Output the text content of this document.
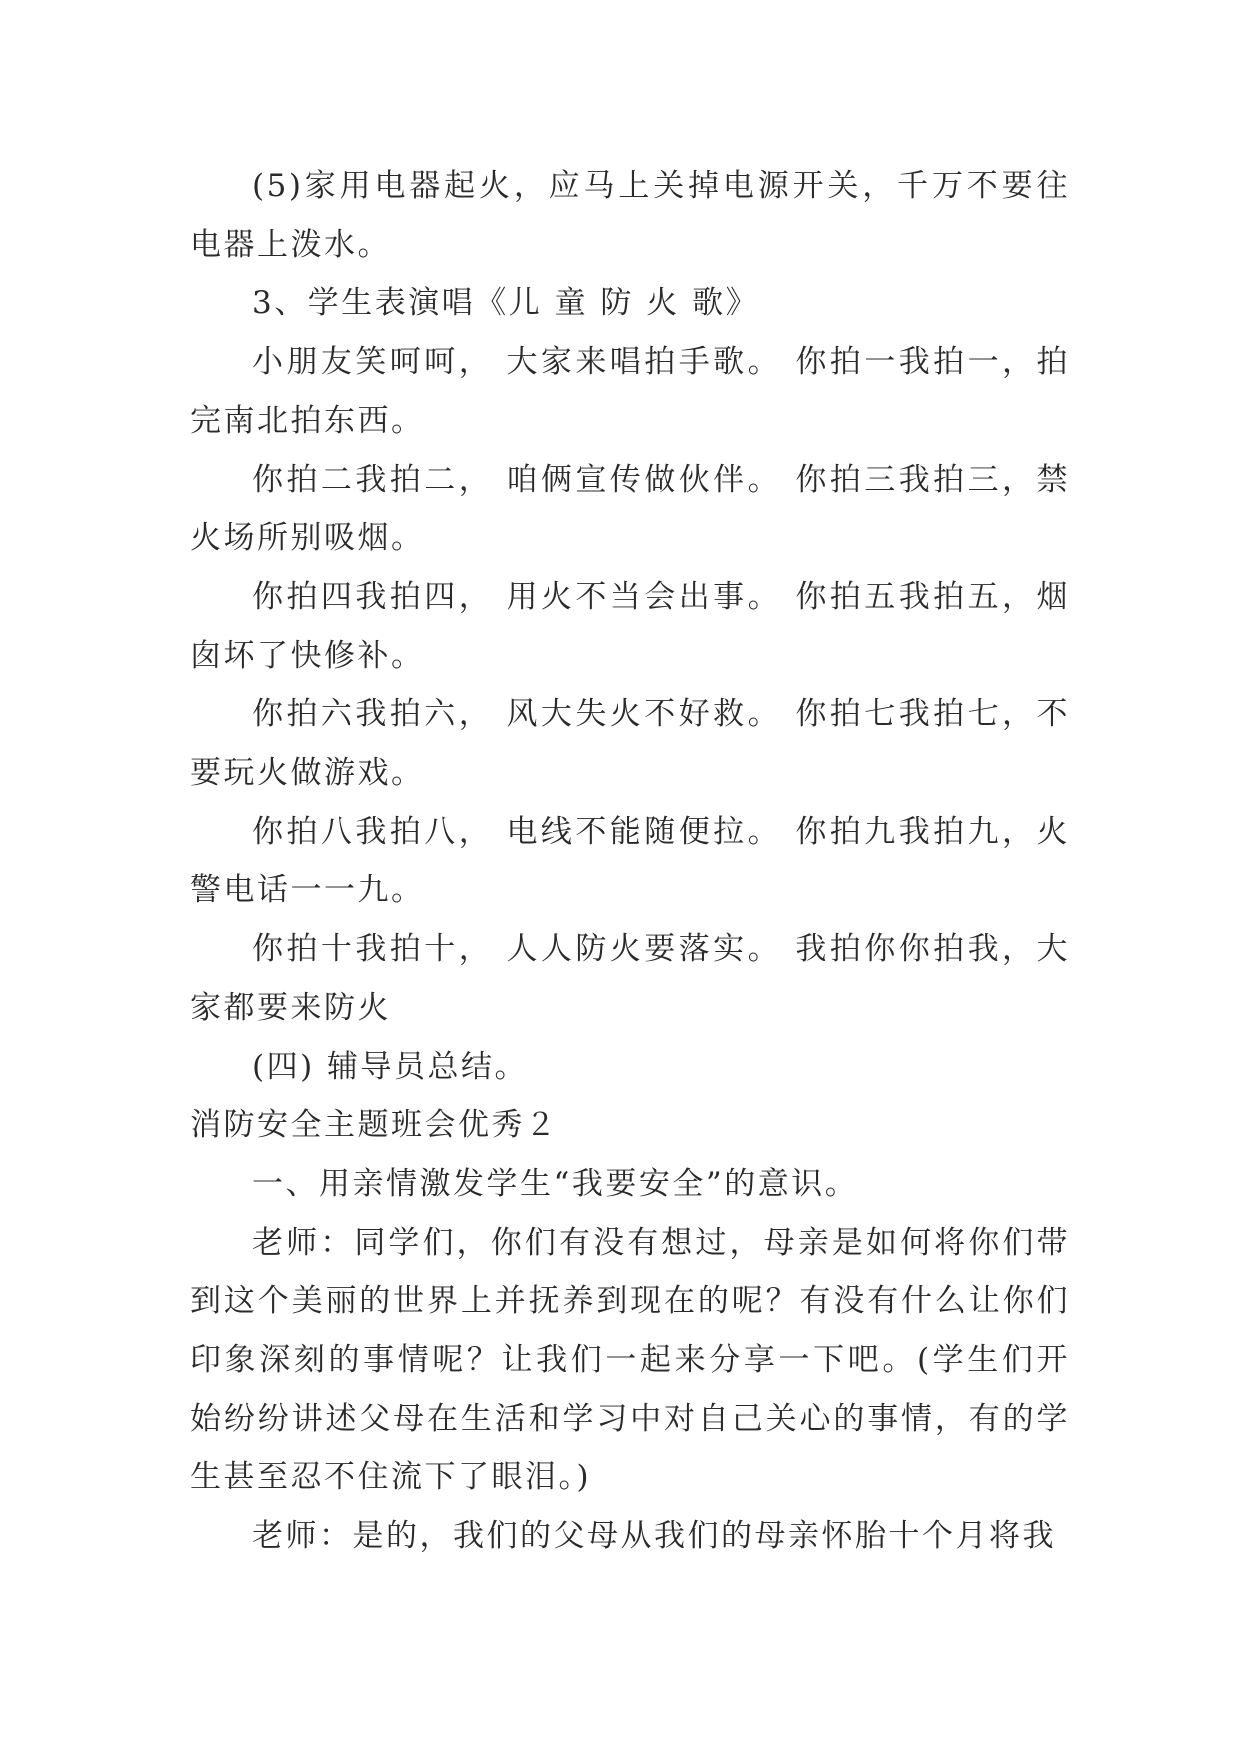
(5)家用电器起火，应马上关掉电源开关，千万不要往电器上泼水。

3、学生表演唱《儿 童 防 火 歌》

小朋友笑呵呵， 大家来唱拍手歌。 你拍一我拍一，拍完南北拍东西。

你拍二我拍二， 咱俩宣传做伙伴。 你拍三我拍三，禁火场所别吸烟。

你拍四我拍四， 用火不当会出事。 你拍五我拍五，烟囱坏了快修补。

你拍六我拍六， 风大失火不好救。 你拍七我拍七，不要玩火做游戏。

你拍八我拍八， 电线不能随便拉。 你拍九我拍九，火警电话一一九。

你拍十我拍十， 人人防火要落实。 我拍你你拍我，大家都要来防火

(四) 辅导员总结。

消防安全主题班会优秀２

一、用亲情激发学生“我要安全”的意识。

老师：同学们，你们有没有想过，母亲是如何将你们带到这个美丽的世界上并抚养到现在的呢？有没有什么让你们印象深刻的事情呢？让我们一起来分享一下吧。(学生们开始纷纷讲述父母在生活和学习中对自己关心的事情，有的学生甚至忍不住流下了眼泪。)

老师：是的，我们的父母从我们的母亲怀胎十个月将我
